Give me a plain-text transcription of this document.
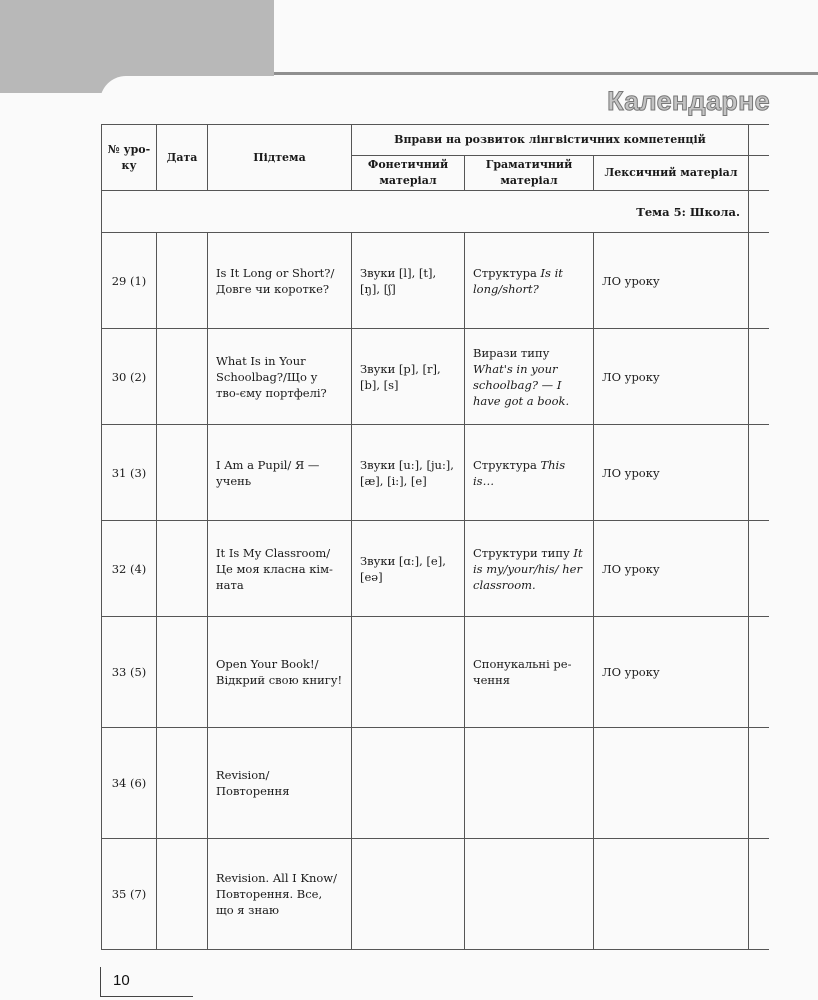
Календарне
№ уро-ку	Дата	Підтема	Вправи на розвиток лінгвістичних компетенцій			
			Фонетичний матеріал	Граматичний матеріал	Лексичний матеріал	
Тема 5: Школа.						
29 (1)		Is It Long or Short?/ Довге чи коротке?	Звуки [l], [t], [ŋ], [ʃ]	Структура Is it long/short?	ЛО уроку	
30 (2)		What Is in Your Schoolbag?/Що у тво-єму портфелі?	Звуки [p], [r], [b], [s]	Вирази типу What's in your schoolbag? — I have got a book.	ЛО уроку	
31 (3)		I Am a Pupil/ Я — учень	Звуки [u:], [ju:], [æ], [i:], [e]	Структура This is…	ЛО уроку	
32 (4)		It Is My Classroom/ Це моя класна кім-ната	Звуки [ɑ:], [e], [eə]	Структури типу It is my/your/his/ her classroom.	ЛО уроку	
33 (5)		Open Your Book!/ Відкрий свою книгу!		Спонукальні ре-чення	ЛО уроку	
34 (6)		Revision/ Повторення				
35 (7)		Revision. All I Know/ Повторення. Все, що я знаю				
10
